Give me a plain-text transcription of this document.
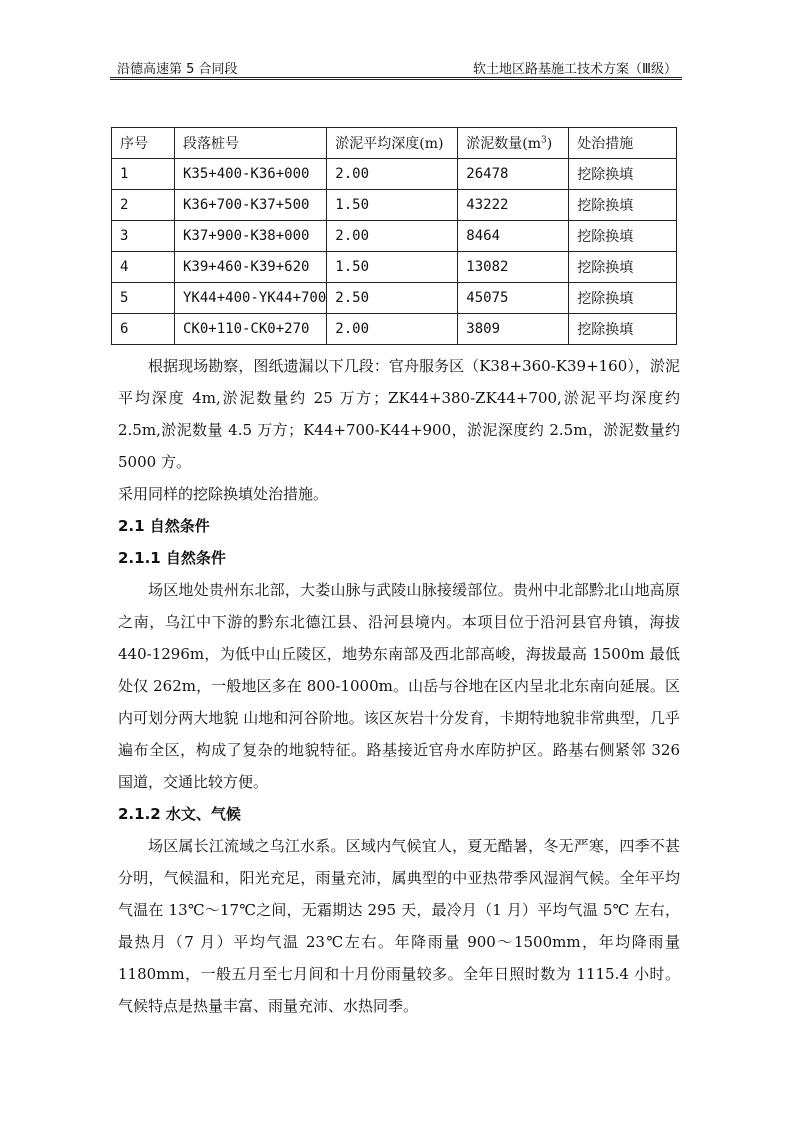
沿德高速第 5 合同段	软土地区路基施工技术方案（Ⅲ级）
序号	段落桩号	淤泥平均深度(m)	淤泥数量$(m^3)$	处治措施
1	K35+400-K36+000	2.00	26478	挖除换填
2	K36+700-K37+500	1.50	43222	挖除换填
3	K37+900-K38+000	2.00	8464	挖除换填
4	K39+460-K39+620	1.50	13082	挖除换填
5	YK44+400-YK44+700	2.50	45075	挖除换填
6	CK0+110-CK0+270	2.00	3809	挖除换填

根据现场勘察，图纸遗漏以下几段：官舟服务区（K38+360-K39+160），淤泥平均深度 4m,淤泥数量约 25 万方；ZK44+380-ZK44+700,淤泥平均深度约 2.5m,淤泥数量 4.5 万方；K44+700-K44+900，淤泥深度约 2.5m，淤泥数量约 5000 方。

采用同样的挖除换填处治措施。

2.1 自然条件
2.1.1 自然条件

场区地处贵州东北部，大娄山脉与武陵山脉接缓部位。贵州中北部黔北山地高原之南，乌江中下游的黔东北德江县、沿河县境内。本项目位于沿河县官舟镇，海拔 440-1296m，为低中山丘陵区，地势东南部及西北部高峻，海拔最高 1500m 最低处仅 262m，一般地区多在 800-1000m。山岳与谷地在区内呈北北东南向延展。区内可划分两大地貌 山地和河谷阶地。该区灰岩十分发育，卡期特地貌非常典型，几乎遍布全区，构成了复杂的地貌特征。路基接近官舟水库防护区。路基右侧紧邻 326 国道，交通比较方便。

2.1.2 水文、气候

场区属长江流域之乌江水系。区域内气候宜人，夏无酷暑，冬无严寒，四季不甚分明，气候温和，阳光充足，雨量充沛，属典型的中亚热带季风湿润气候。全年平均气温在 13℃～17℃之间，无霜期达 295 天，最冷月（1 月）平均气温 5℃ 左右，最热月（7 月）平均气温 23℃左右。年降雨量 900～1500mm，年均降雨量 1180mm，一般五月至七月间和十月份雨量较多。全年日照时数为 1115.4 小时。气候特点是热量丰富、雨量充沛、水热同季。
